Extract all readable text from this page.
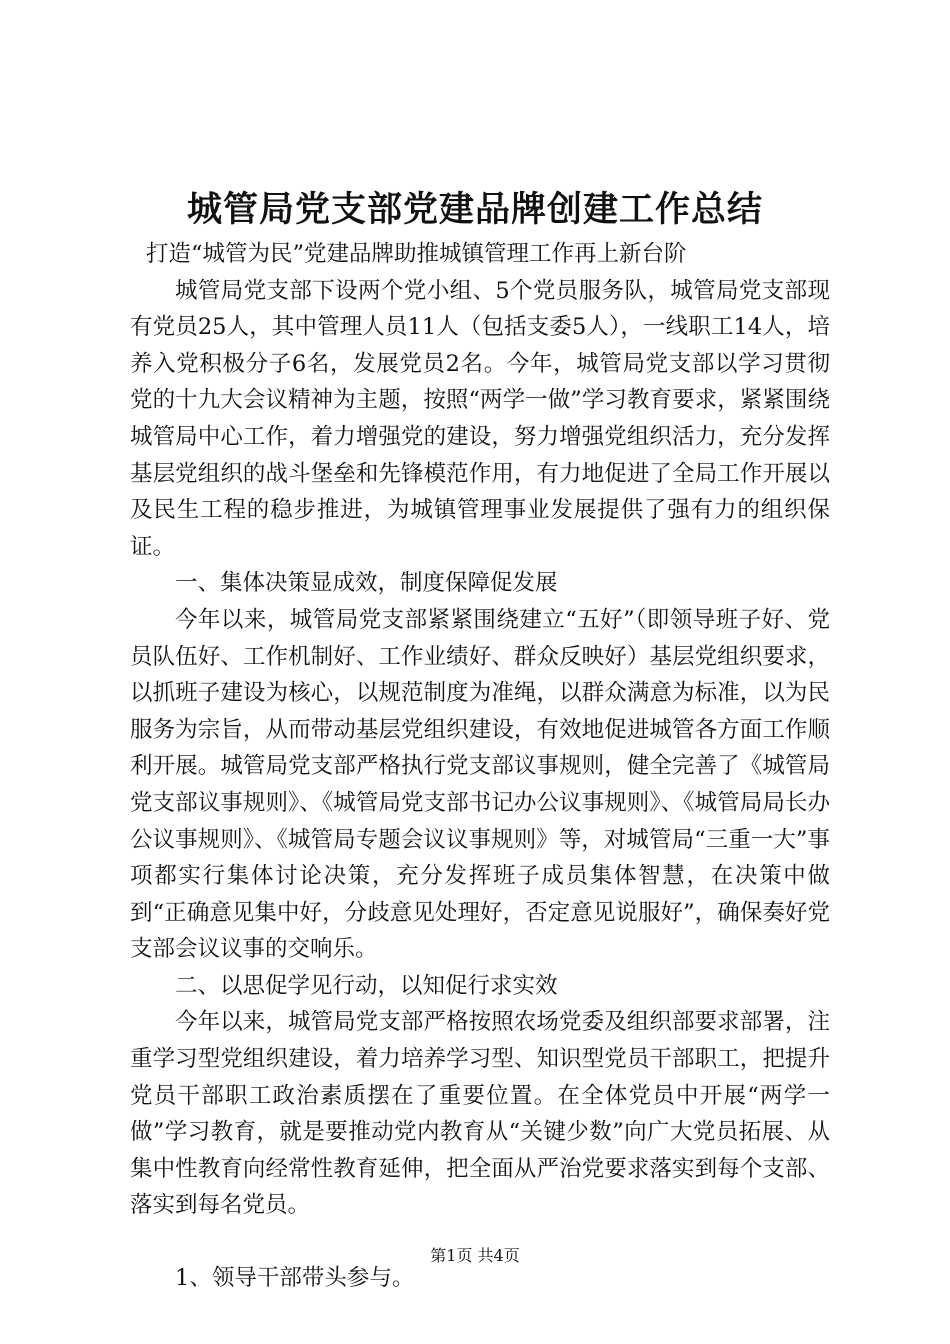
城管局党支部党建品牌创建工作总结

打造“城管为民”党建品牌助推城镇管理工作再上新台阶

城管局党支部下设两个党小组、5个党员服务队，城管局党支部现有党员25人，其中管理人员11人（包括支委5人），一线职工14人，培养入党积极分子6名，发展党员2名。今年，城管局党支部以学习贯彻党的十九大会议精神为主题，按照“两学一做”学习教育要求，紧紧围绕城管局中心工作，着力增强党的建设，努力增强党组织活力，充分发挥基层党组织的战斗堡垒和先锋模范作用，有力地促进了全局工作开展以及民生工程的稳步推进，为城镇管理事业发展提供了强有力的组织保证。

一、集体决策显成效，制度保障促发展

今年以来，城管局党支部紧紧围绕建立“五好”（即领导班子好、党员队伍好、工作机制好、工作业绩好、群众反映好）基层党组织要求，以抓班子建设为核心，以规范制度为准绳，以群众满意为标准，以为民服务为宗旨，从而带动基层党组织建设，有效地促进城管各方面工作顺利开展。城管局党支部严格执行党支部议事规则，健全完善了《城管局党支部议事规则》、《城管局党支部书记办公议事规则》、《城管局局长办公议事规则》、《城管局专题会议议事规则》等，对城管局“三重一大”事项都实行集体讨论决策，充分发挥班子成员集体智慧，在决策中做到“正确意见集中好，分歧意见处理好，否定意见说服好”，确保奏好党支部会议议事的交响乐。

二、以思促学见行动，以知促行求实效

今年以来，城管局党支部严格按照农场党委及组织部要求部署，注重学习型党组织建设，着力培养学习型、知识型党员干部职工，把提升党员干部职工政治素质摆在了重要位置。在全体党员中开展“两学一做”学习教育，就是要推动党内教育从“关键少数”向广大党员拓展、从集中性教育向经常性教育延伸，把全面从严治党要求落实到每个支部、落实到每名党员。

1、领导干部带头参与。

第1页 共4页
